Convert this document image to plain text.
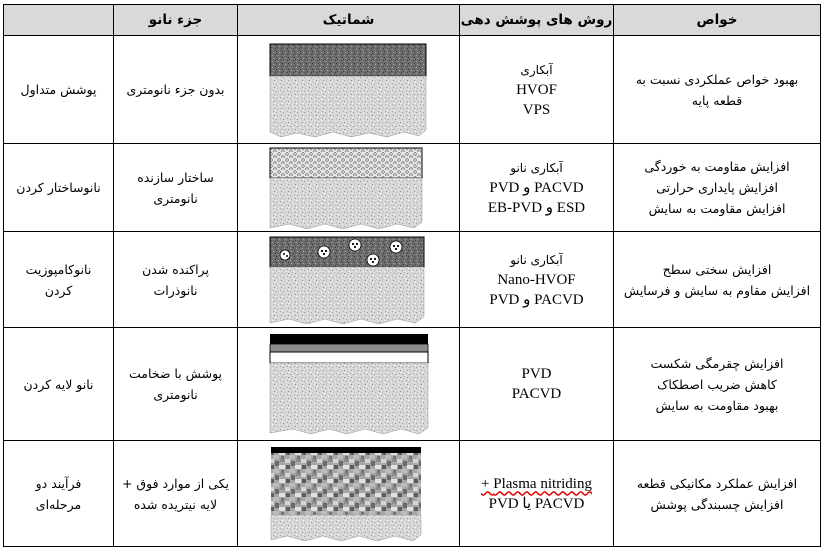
خواص	روش های پوشش دهی	شماتیک	جزء نانو	

بهبود خواص عملکردی نسبت به
قطعه پایه	آبکاری
HVOF
VPS		بدون جزء نانومتری	پوشش متداول

افزایش مقاومت به خوردگی
افزایش پایداری حرارتی
افزایش مقاومت به سایش	آبکاری نانو
PACVD و PVD
ESD و EB-PVD		ساختار سازنده
نانومتری	نانوساختار کردن

افزایش سختی سطح
افزایش مقاوم به سایش و فرسایش	آبکاری نانو
Nano-HVOF
PACVD و PVD		پراکنده شدن
نانوذرات	نانوکامپوزیت
کردن

افزایش چقرمگی شکست
کاهش ضریب اصطکاک
بهبود مقاومت به سایش	PVD
PACVD		پوشش با ضخامت
نانومتری	نانو لایه کردن

افزایش عملکرد مکانیکی قطعه
افزایش چسبندگی پوشش	Plasma nitriding +
PACVD یا PVD		یکی از موارد فوق +
لایه نیتریده شده	فرآیند دو
مرحله‌ای
